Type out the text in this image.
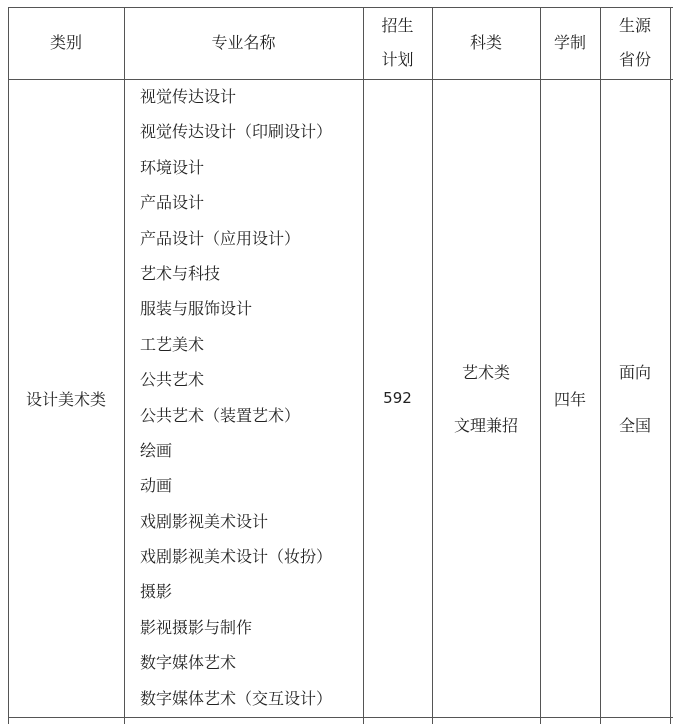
类别	专业名称
招生
计划
科类	学制
生源
省份
设计美术类
视觉传达设计
视觉传达设计（印刷设计）
环境设计
产品设计
产品设计（应用设计）
艺术与科技
服装与服饰设计
工艺美术
公共艺术
公共艺术（装置艺术）
绘画
动画
戏剧影视美术设计
戏剧影视美术设计（妆扮）
摄影
影视摄影与制作
数字媒体艺术
数字媒体艺术（交互设计）
592
艺术类
文理兼招
四年
面向
全国
